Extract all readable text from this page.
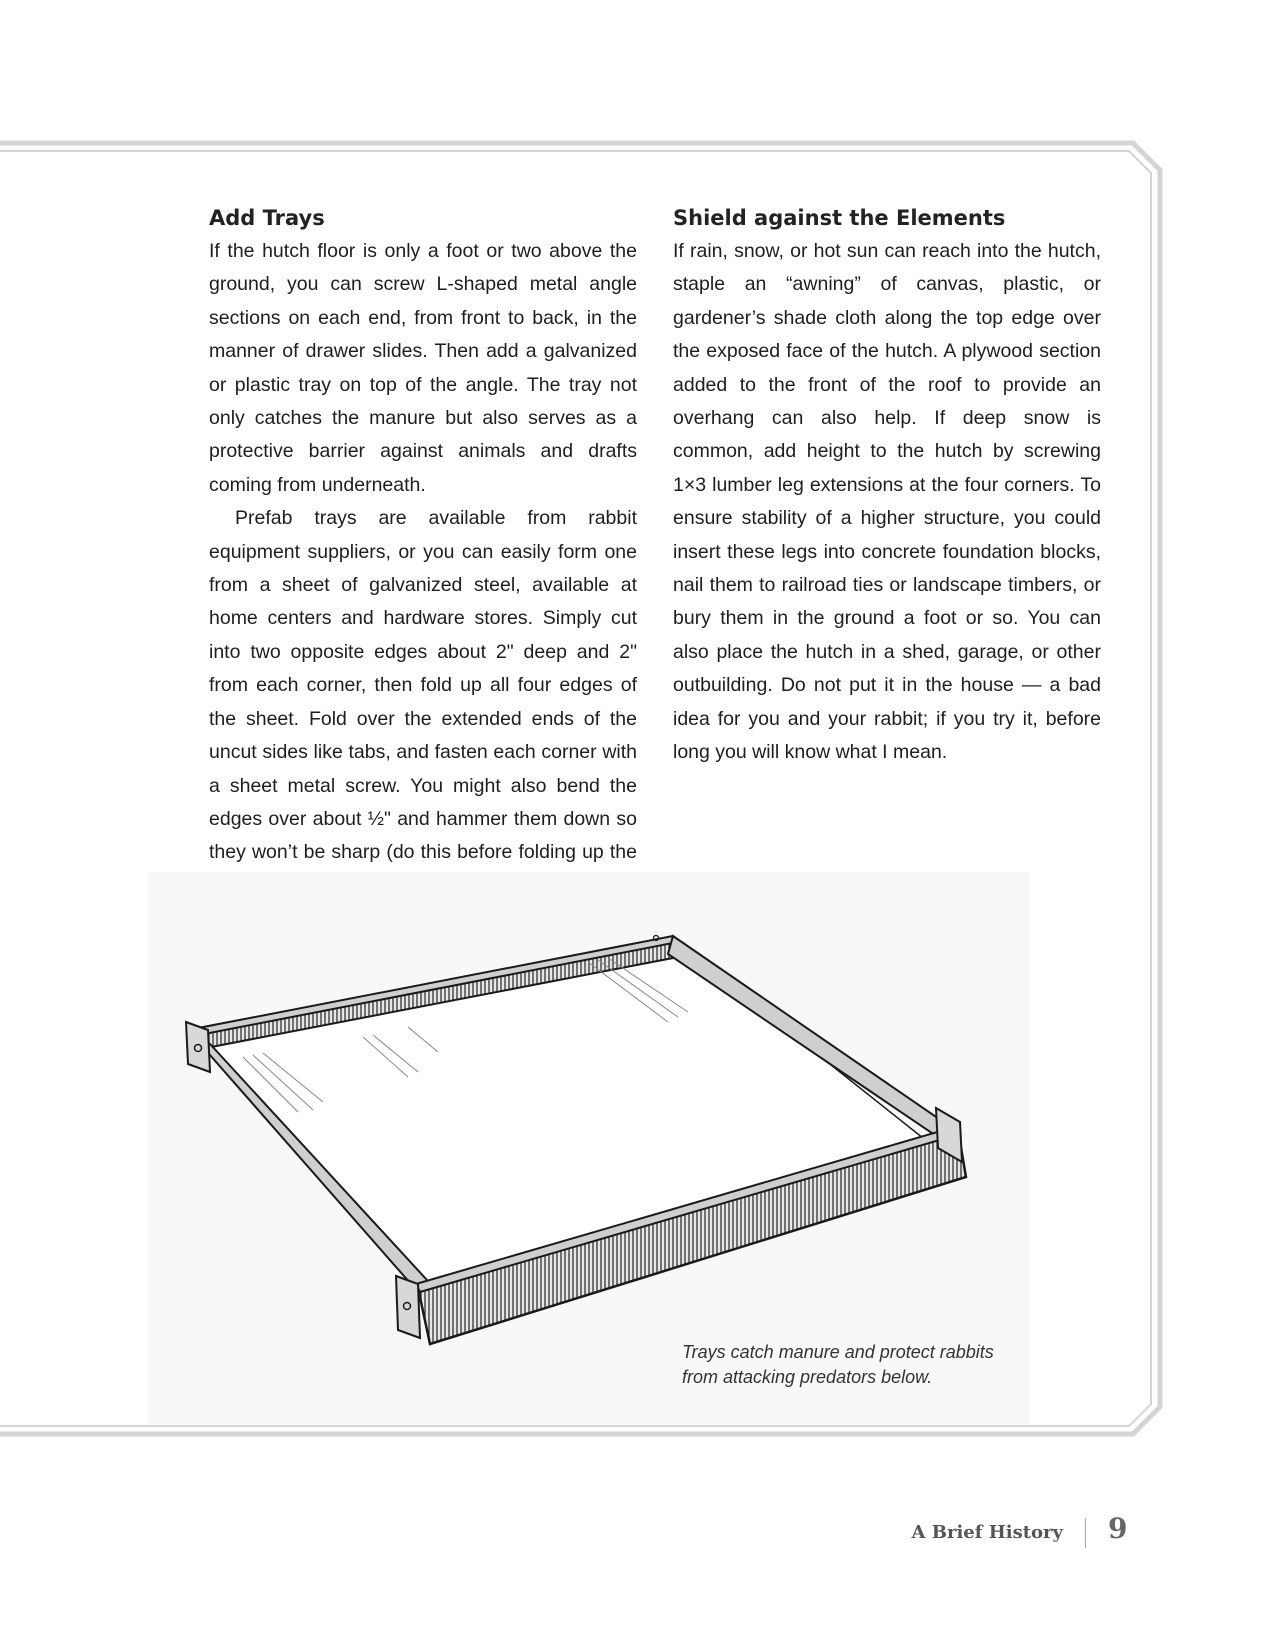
Add Trays

If the hutch floor is only a foot or two above the ground, you can screw L-shaped metal angle sections on each end, from front to back, in the manner of drawer slides. Then add a galvanized or plastic tray on top of the angle. The tray not only catches the manure but also serves as a protective barrier against animals and drafts coming from underneath.

Prefab trays are available from rabbit equipment suppliers, or you can easily form one from a sheet of galvanized steel, available at home centers and hardware stores. Simply cut into two opposite edges about 2" deep and 2" from each corner, then fold up all four edges of the sheet. Fold over the extended ends of the uncut sides like tabs, and fasten each corner with a sheet metal screw. You might also bend the edges over about ½" and hammer them down so they won’t be sharp (do this before folding up the

Shield against the Elements

If rain, snow, or hot sun can reach into the hutch, staple an “awning” of canvas, plastic, or gardener’s shade cloth along the top edge over the exposed face of the hutch. A plywood section added to the front of the roof to provide an overhang can also help. If deep snow is common, add height to the hutch by screwing 1×3 lumber leg extensions at the four corners. To ensure stability of a higher structure, you could insert these legs into concrete foundation blocks, nail them to railroad ties or landscape timbers, or bury them in the ground a foot or so. You can also place the hutch in a shed, garage, or other outbuilding. Do not put it in the house — a bad idea for you and your rabbit; if you try it, before long you will know what I mean.

Trays catch manure and protect rabbits
from attacking predators below.
A Brief History 9
